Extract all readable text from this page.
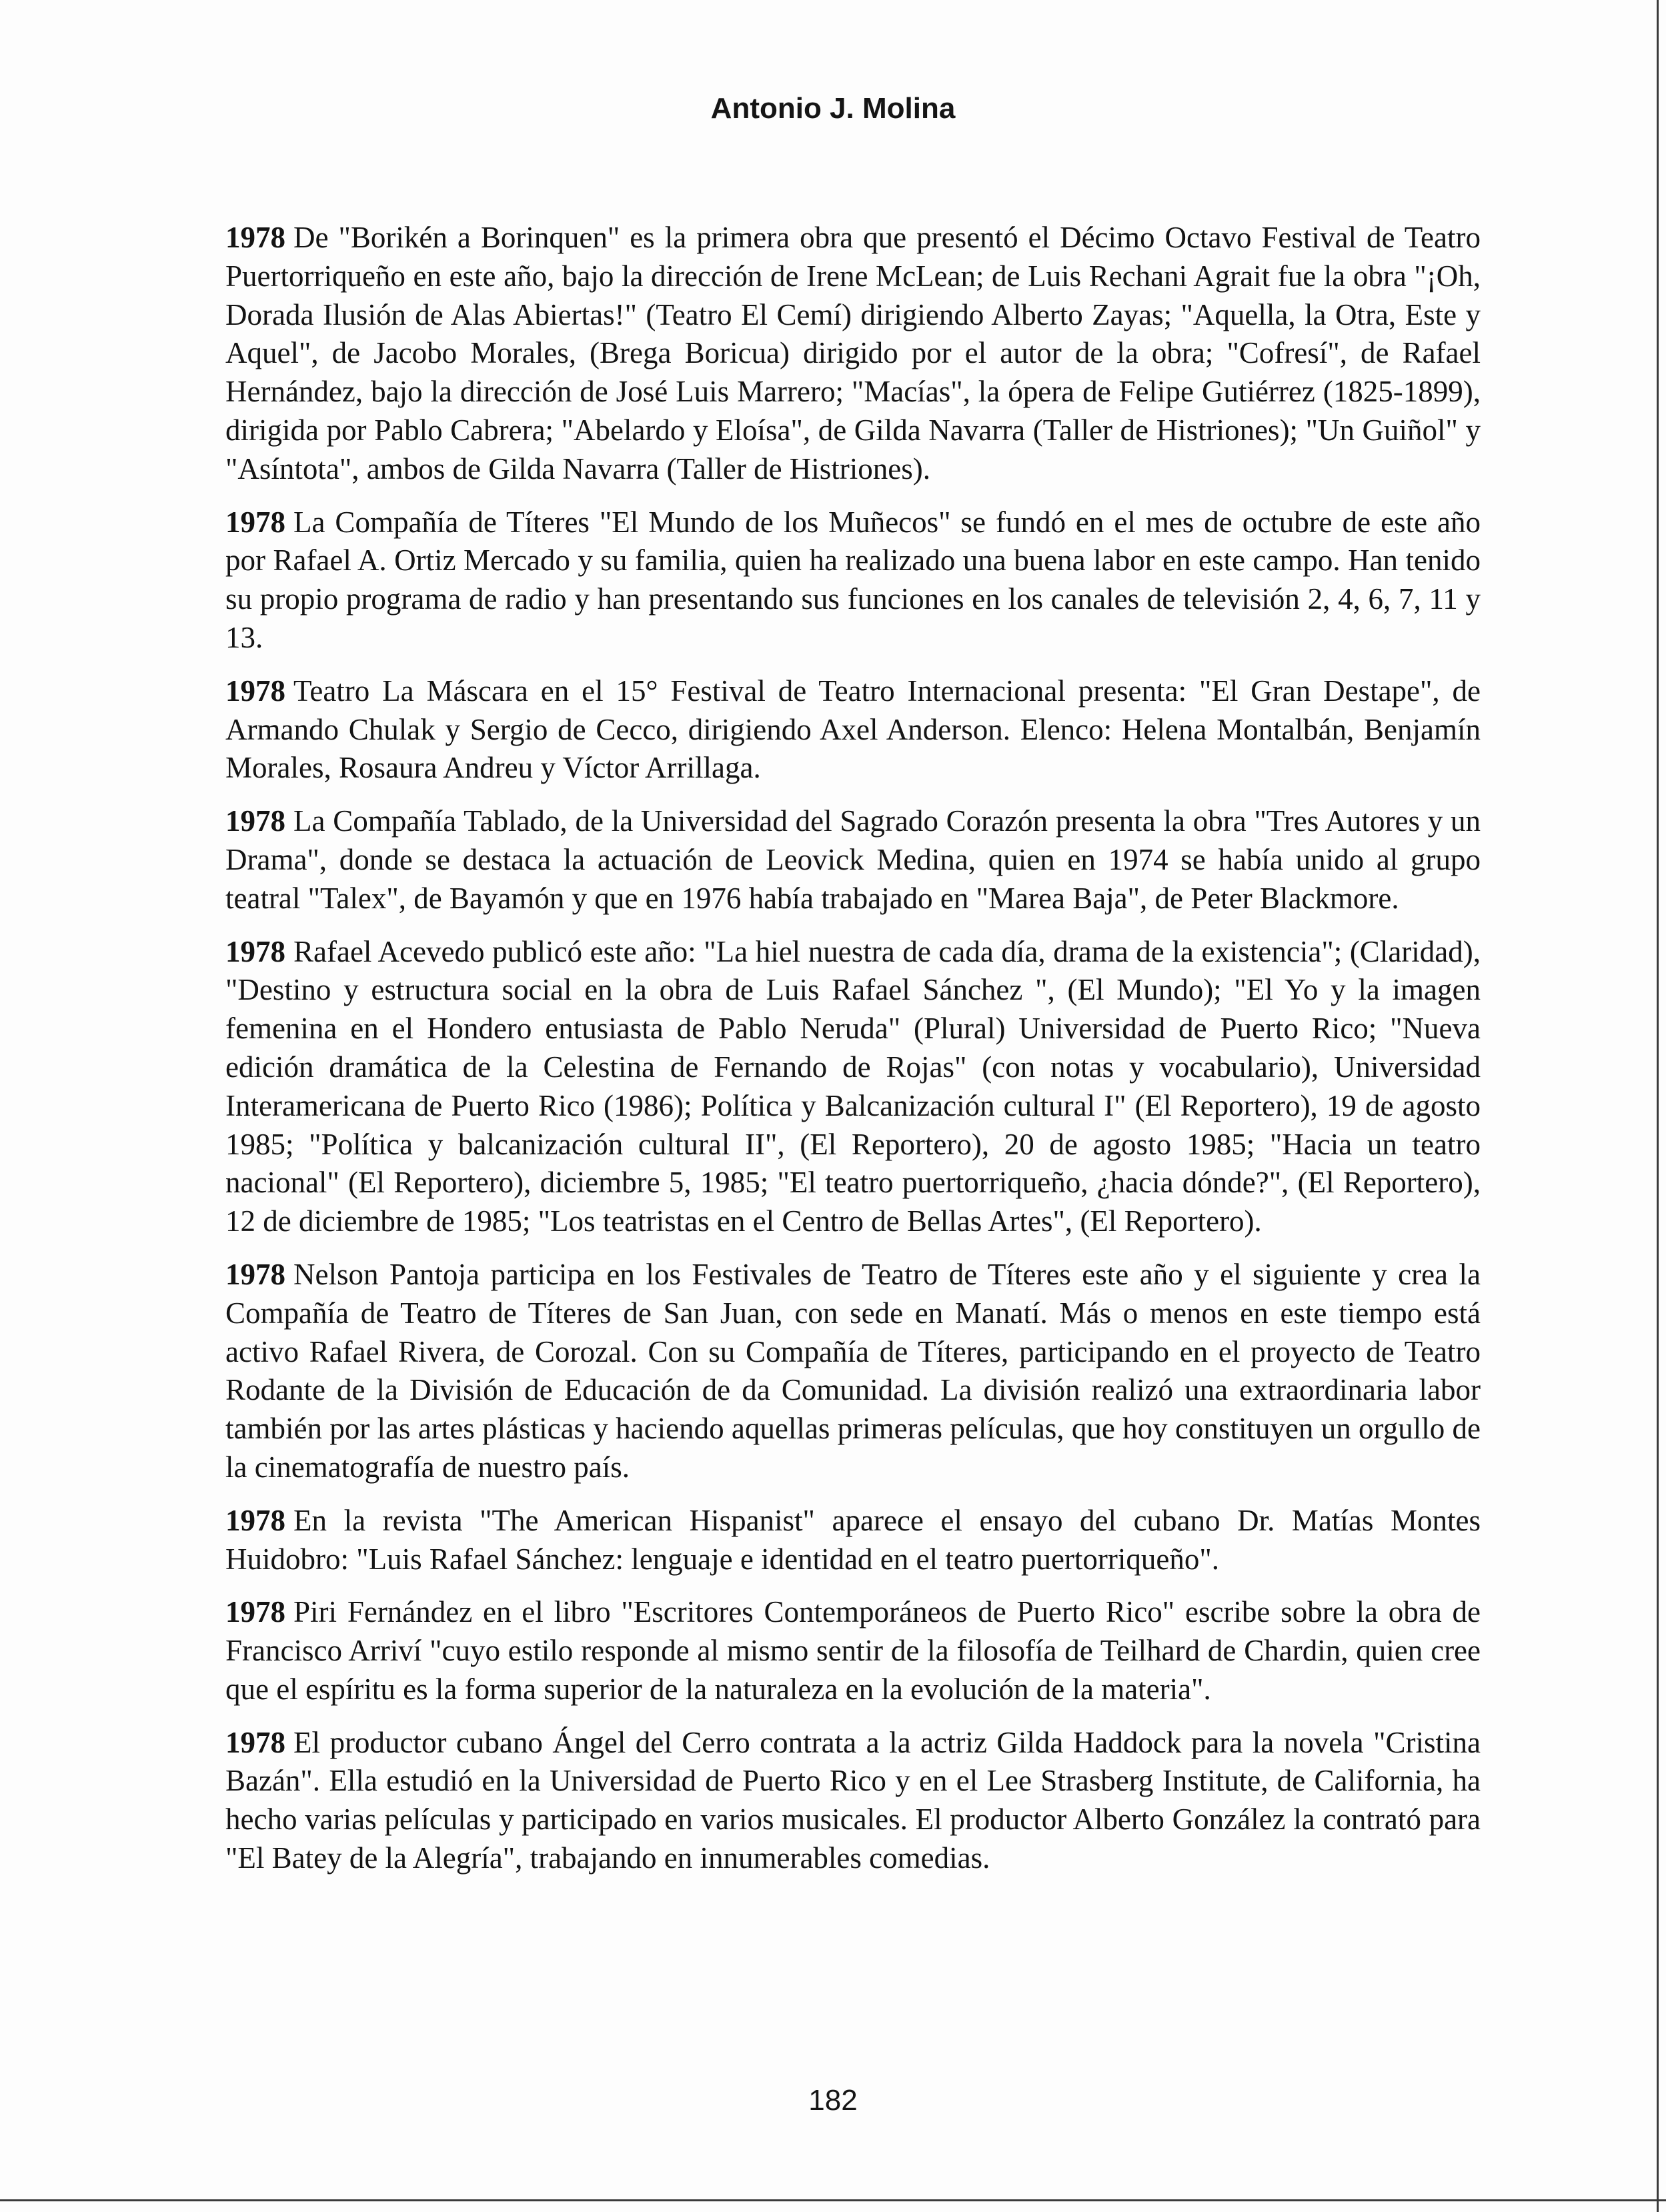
Antonio J. Molina

1978 De "Borikén a Borinquen" es la primera obra que presentó el Décimo Octavo Festival de Teatro Puertorriqueño en este año, bajo la dirección de Irene McLean; de Luis Rechani Agrait fue la obra "¡Oh, Dorada Ilusión de Alas Abiertas!" (Teatro El Cemí) dirigiendo Alberto Zayas; "Aquella, la Otra, Este y Aquel", de Jacobo Morales, (Brega Boricua) dirigido por el autor de la obra; "Cofresí", de Rafael Hernández, bajo la dirección de José Luis Marrero; "Macías", la ópera de Felipe Gutiérrez (1825-1899), dirigida por Pablo Cabrera; "Abelardo y Eloísa", de Gilda Navarra (Taller de Histriones); "Un Guiñol" y "Asíntota", ambos de Gilda Navarra (Taller de Histriones).

1978 La Compañía de Títeres "El Mundo de los Muñecos" se fundó en el mes de octubre de este año por Rafael A. Ortiz Mercado y su familia, quien ha realizado una buena labor en este campo. Han tenido su propio programa de radio y han presentando sus funciones en los canales de televisión 2, 4, 6, 7, 11 y 13.

1978 Teatro La Máscara en el 15° Festival de Teatro Internacional presenta: "El Gran Destape", de Armando Chulak y Sergio de Cecco, dirigiendo Axel Anderson. Elenco: Helena Montalbán, Benjamín Morales, Rosaura Andreu y Víctor Arrillaga.

1978 La Compañía Tablado, de la Universidad del Sagrado Corazón presenta la obra "Tres Autores y un Drama", donde se destaca la actuación de Leovick Medina, quien en 1974 se había unido al grupo teatral "Talex", de Bayamón y que en 1976 había trabajado en "Marea Baja", de Peter Blackmore.

1978 Rafael Acevedo publicó este año: "La hiel nuestra de cada día, drama de la existencia"; (Claridad), "Destino y estructura social en la obra de Luis Rafael Sánchez ", (El Mundo); "El Yo y la imagen femenina en el Hondero entusiasta de Pablo Neruda" (Plural) Universidad de Puerto Rico; "Nueva edición dramática de la Celestina de Fernando de Rojas" (con notas y vocabulario), Universidad Interamericana de Puerto Rico (1986); Política y Balcanización cultural I" (El Reportero), 19 de agosto 1985; "Política y balcanización cultural II", (El Reportero), 20 de agosto 1985; "Hacia un teatro nacional" (El Reportero), diciembre 5, 1985; "El teatro puertorriqueño, ¿hacia dónde?", (El Reportero), 12 de diciembre de 1985; "Los teatristas en el Centro de Bellas Artes", (El Reportero).

1978 Nelson Pantoja participa en los Festivales de Teatro de Títeres este año y el siguiente y crea la Compañía de Teatro de Títeres de San Juan, con sede en Manatí. Más o menos en este tiempo está activo Rafael Rivera, de Corozal. Con su Compañía de Títeres, participando en el proyecto de Teatro Rodante de la División de Educación de da Comunidad. La división realizó una extraordinaria labor también por las artes plásticas y haciendo aquellas primeras películas, que hoy constituyen un orgullo de la cinematografía de nuestro país.

1978 En la revista "The American Hispanist" aparece el ensayo del cubano Dr. Matías Montes Huidobro: "Luis Rafael Sánchez: lenguaje e identidad en el teatro puertorriqueño".

1978 Piri Fernández en el libro "Escritores Contemporáneos de Puerto Rico" escribe sobre la obra de Francisco Arriví "cuyo estilo responde al mismo sentir de la filosofía de Teilhard de Chardin, quien cree que el espíritu es la forma superior de la naturaleza en la evolución de la materia".

1978 El productor cubano Ángel del Cerro contrata a la actriz Gilda Haddock para la novela "Cristina Bazán". Ella estudió en la Universidad de Puerto Rico y en el Lee Strasberg Institute, de California, ha hecho varias películas y participado en varios musicales. El productor Alberto González la contrató para "El Batey de la Alegría", trabajando en innumerables comedias.

182
